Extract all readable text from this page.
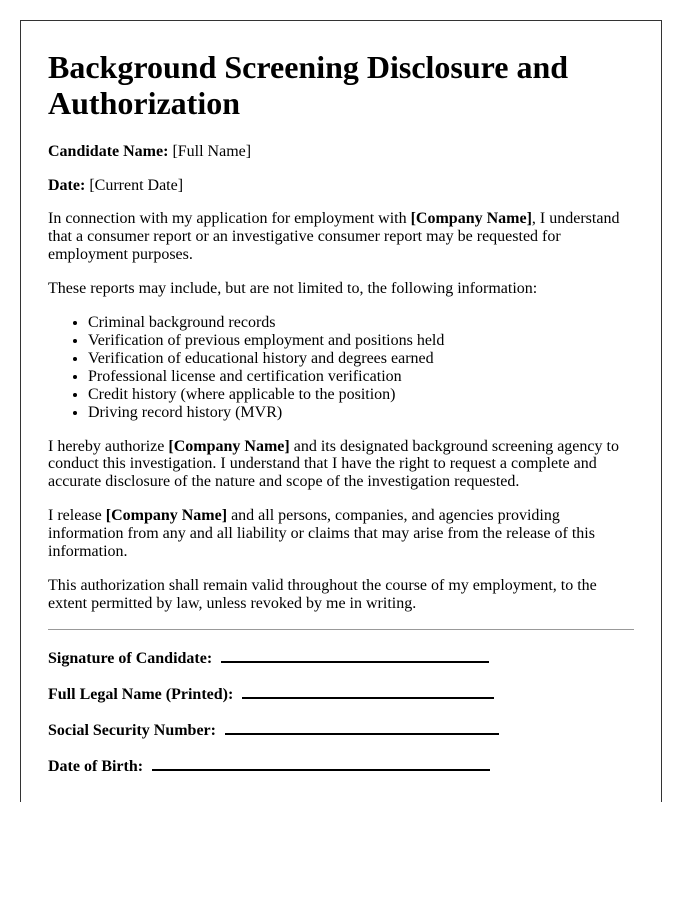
Background Screening Disclosure and Authorization

Candidate Name: [Full Name]

Date: [Current Date]

In connection with my application for employment with [Company Name], I understand that a consumer report or an investigative consumer report may be requested for employment purposes.

These reports may include, but are not limited to, the following information:

• Criminal background records
• Verification of previous employment and positions held
• Verification of educational history and degrees earned
• Professional license and certification verification
• Credit history (where applicable to the position)
• Driving record history (MVR)

I hereby authorize [Company Name] and its designated background screening agency to conduct this investigation. I understand that I have the right to request a complete and accurate disclosure of the nature and scope of the investigation requested.

I release [Company Name] and all persons, companies, and agencies providing information from any and all liability or claims that may arise from the release of this information.

This authorization shall remain valid throughout the course of my employment, to the extent permitted by law, unless revoked by me in writing.

Signature of Candidate:

Full Legal Name (Printed):

Social Security Number:

Date of Birth:
